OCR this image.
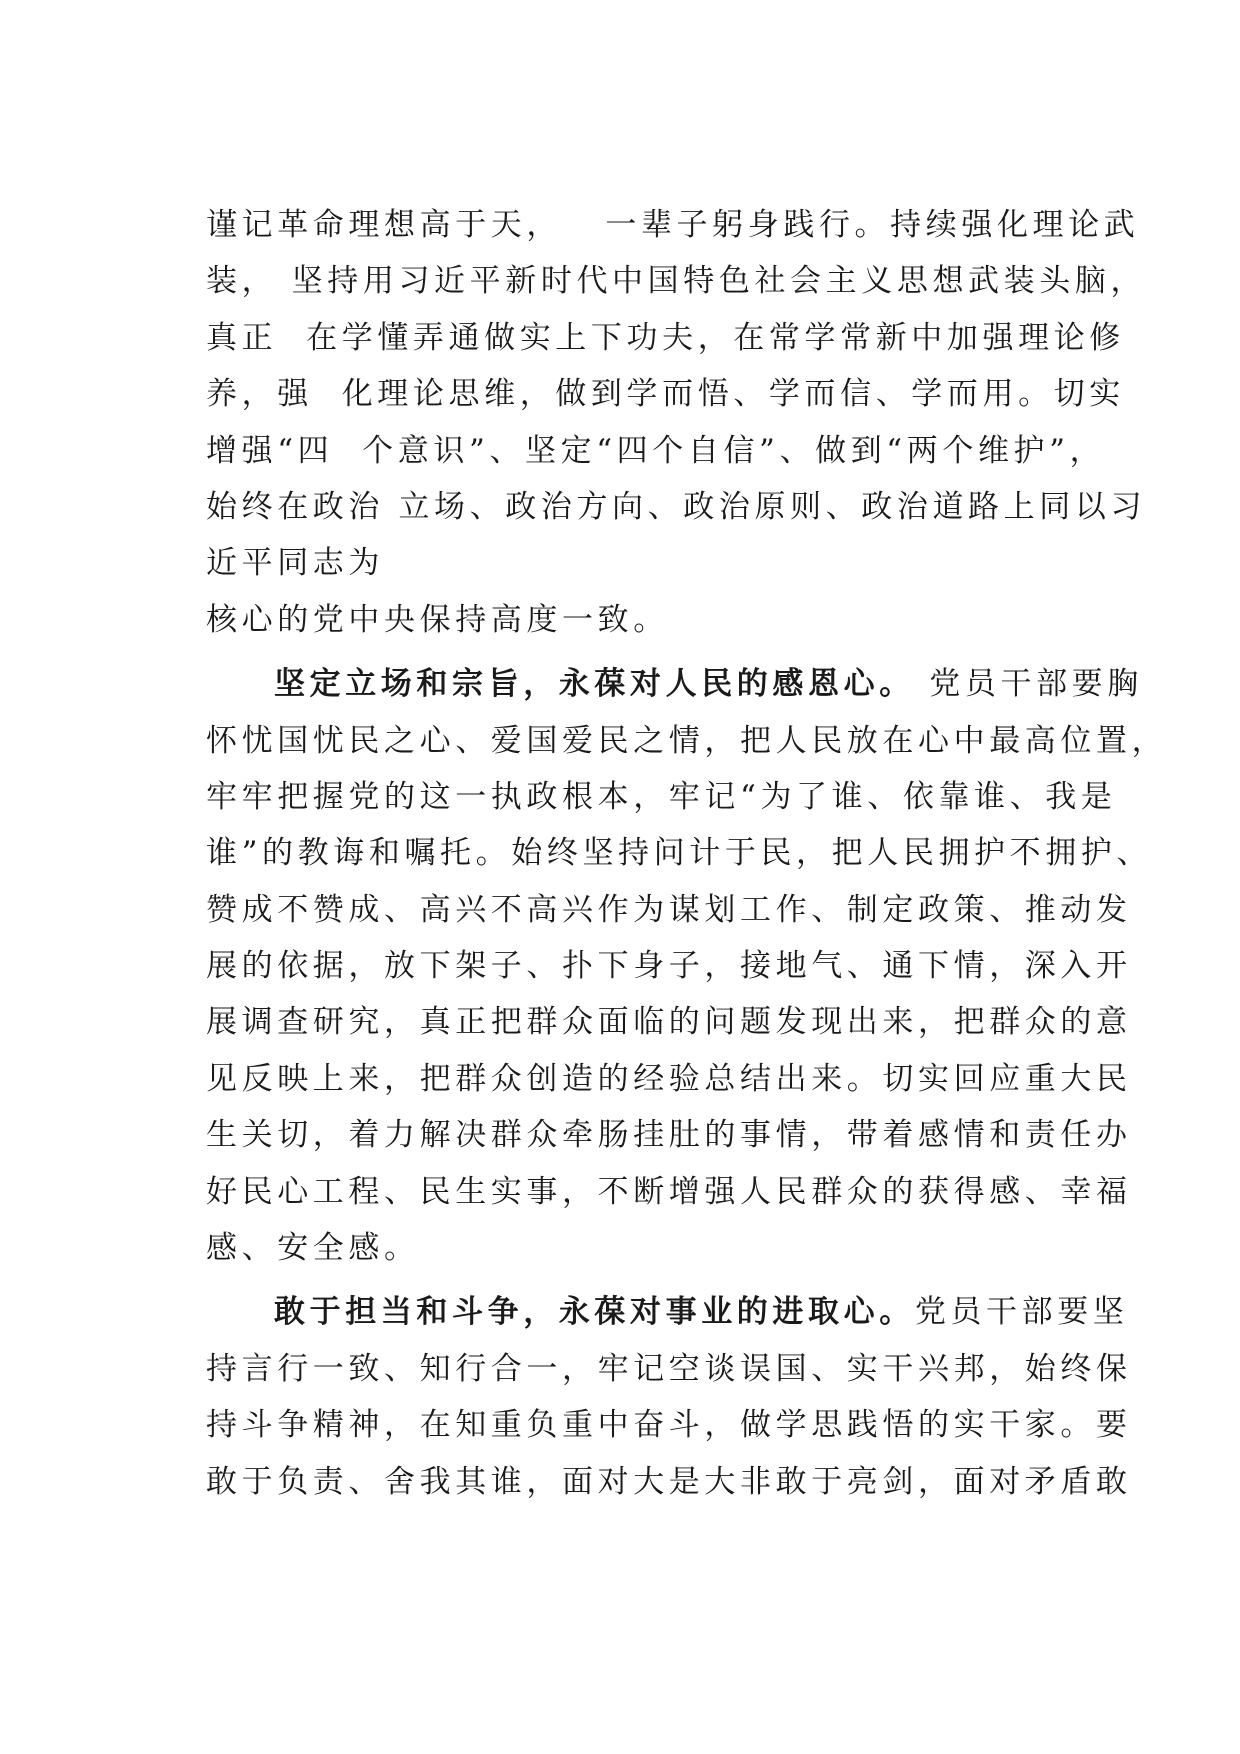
谨记革命理想高于天，   一辈子躬身践行。持续强化理论武
装， 坚持用习近平新时代中国特色社会主义思想武装头脑，
真正  在学懂弄通做实上下功夫，在常学常新中加强理论修
养，强  化理论思维，做到学而悟、学而信、学而用。切实
增强“四  个意识”、坚定“四个自信”、做到“两个维护”，
始终在政治 立场、政治方向、政治原则、政治道路上同以习
近平同志为
核心的党中央保持高度一致。
坚定立场和宗旨，永葆对人民的感恩心。 党员干部要胸
怀忧国忧民之心、爱国爱民之情，把人民放在心中最高位置，
牢牢把握党的这一执政根本，牢记“为了谁、依靠谁、我是
谁”的教诲和嘱托。始终坚持问计于民，把人民拥护不拥护、
赞成不赞成、高兴不高兴作为谋划工作、制定政策、推动发
展的依据，放下架子、扑下身子，接地气、通下情，深入开
展调查研究，真正把群众面临的问题发现出来，把群众的意
见反映上来，把群众创造的经验总结出来。切实回应重大民
生关切，着力解决群众牵肠挂肚的事情，带着感情和责任办
好民心工程、民生实事，不断增强人民群众的获得感、幸福
感、安全感。
敢于担当和斗争，永葆对事业的进取心。党员干部要坚
持言行一致、知行合一，牢记空谈误国、实干兴邦，始终保
持斗争精神，在知重负重中奋斗，做学思践悟的实干家。要
敢于负责、舍我其谁，面对大是大非敢于亮剑，面对矛盾敢
